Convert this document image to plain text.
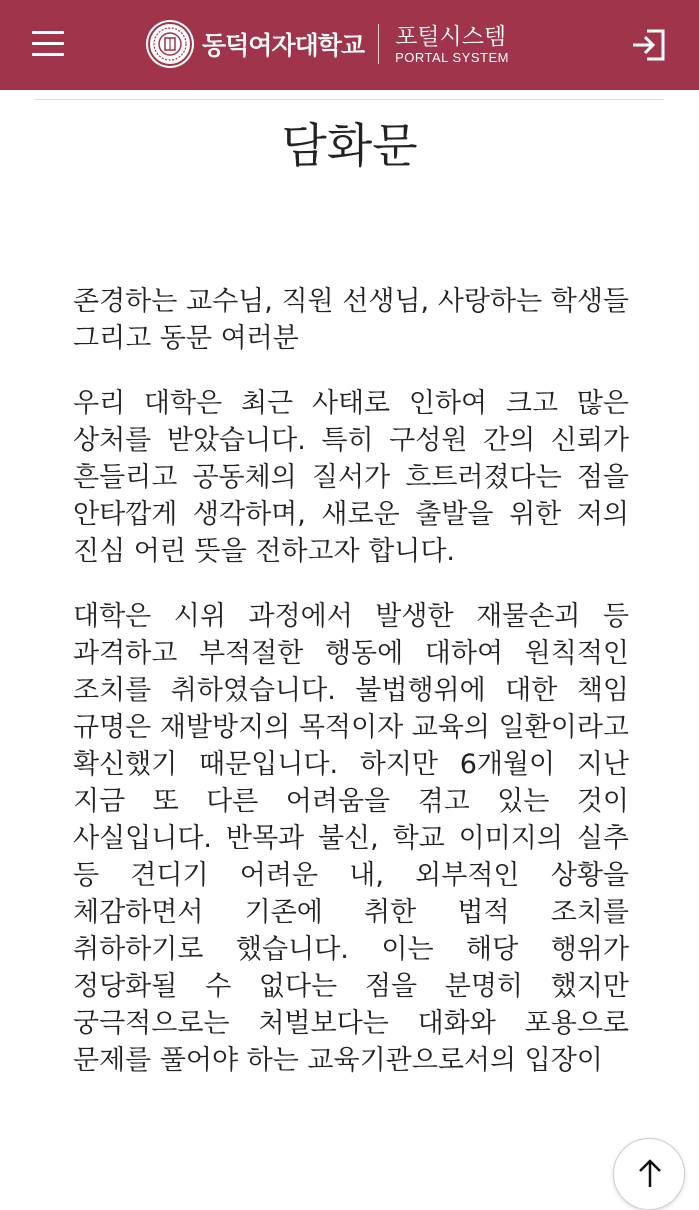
동덕여자대학교 포털시스템
PORTAL SYSTEM
담화문

존경하는 교수님, 직원 선생님, 사랑하는 학생들 그리고 동문 여러분

우리 대학은 최근 사태로 인하여 크고 많은 상처를 받았습니다. 특히 구성원 간의 신뢰가 흔들리고 공동체의 질서가 흐트러졌다는 점을 안타깝게 생각하며, 새로운 출발을 위한 저의 진심 어린 뜻을 전하고자 합니다.

대학은 시위 과정에서 발생한 재물손괴 등 과격하고 부적절한 행동에 대하여 원칙적인 조치를 취하였습니다. 불법행위에 대한 책임 규명은 재발방지의 목적이자 교육의 일환이라고 확신했기 때문입니다. 하지만 6개월이 지난 지금 또 다른 어려움을 겪고 있는 것이 사실입니다. 반목과 불신, 학교 이미지의 실추 등 견디기 어려운 내, 외부적인 상황을 체감하면서 기존에 취한 법적 조치를 취하하기로 했습니다. 이는 해당 행위가 정당화될 수 없다는 점을 분명히 했지만 궁극적으로는 처벌보다는 대화와 포용으로 문제를 풀어야 하는 교육기관으로서의 입장이
